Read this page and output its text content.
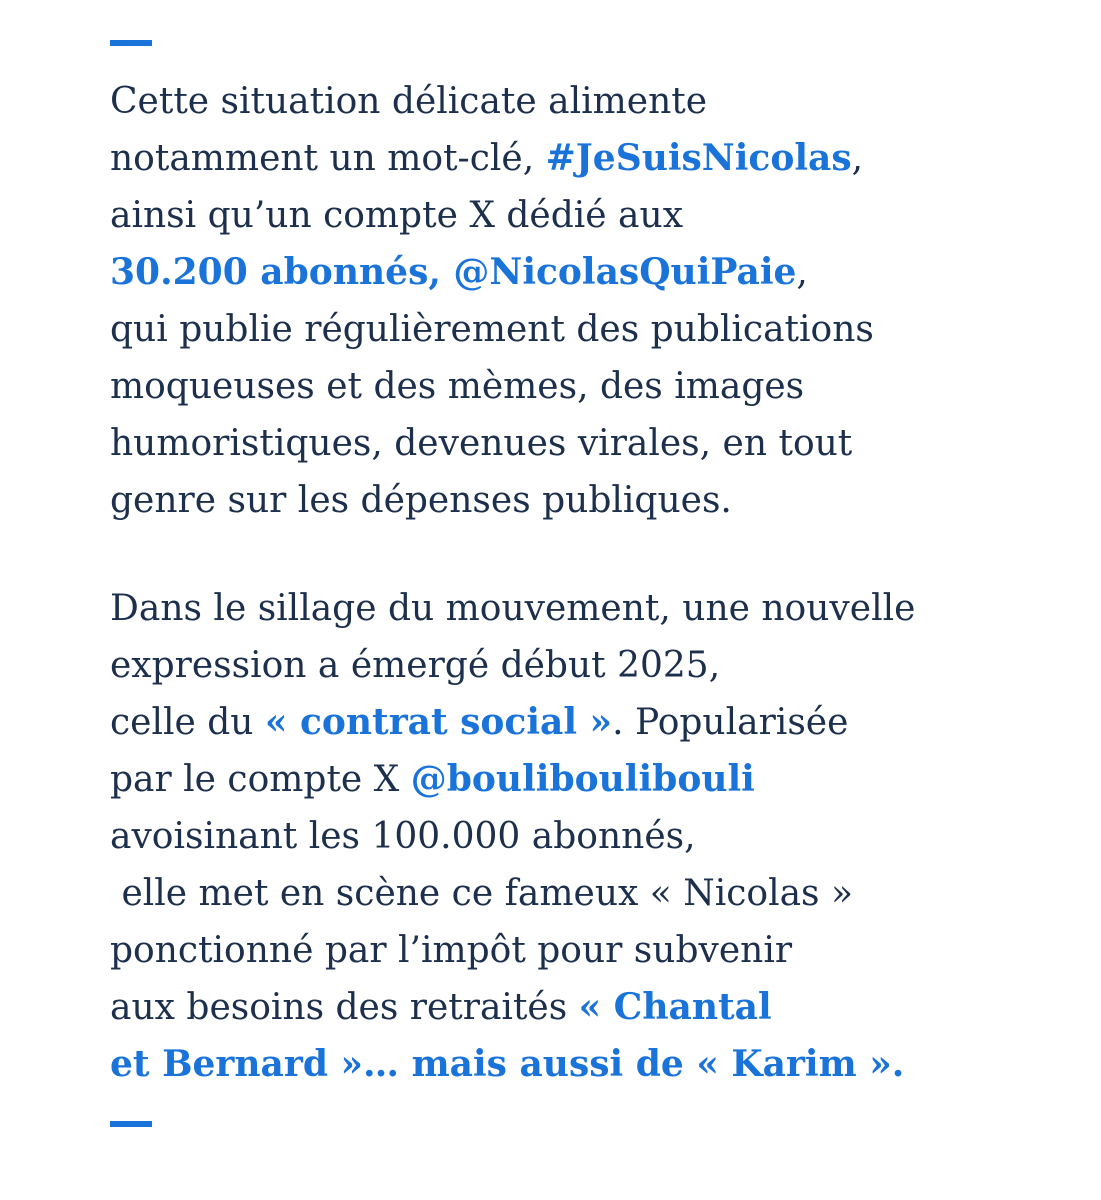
Cette situation délicate alimente
notamment un mot-clé, #JeSuisNicolas,
ainsi qu’un compte X dédié aux
30.200 abonnés, @NicolasQuiPaie,
qui publie régulièrement des publications
moqueuses et des mèmes, des images
humoristiques, devenues virales, en tout
genre sur les dépenses publiques.

Dans le sillage du mouvement, une nouvelle
expression a émergé début 2025,
celle du « contrat social ». Popularisée
par le compte X @bouliboulibouli
avoisinant les 100.000 abonnés,
elle met en scène ce fameux « Nicolas »
ponctionné par l’impôt pour subvenir
aux besoins des retraités « Chantal
et Bernard »… mais aussi de « Karim ».
